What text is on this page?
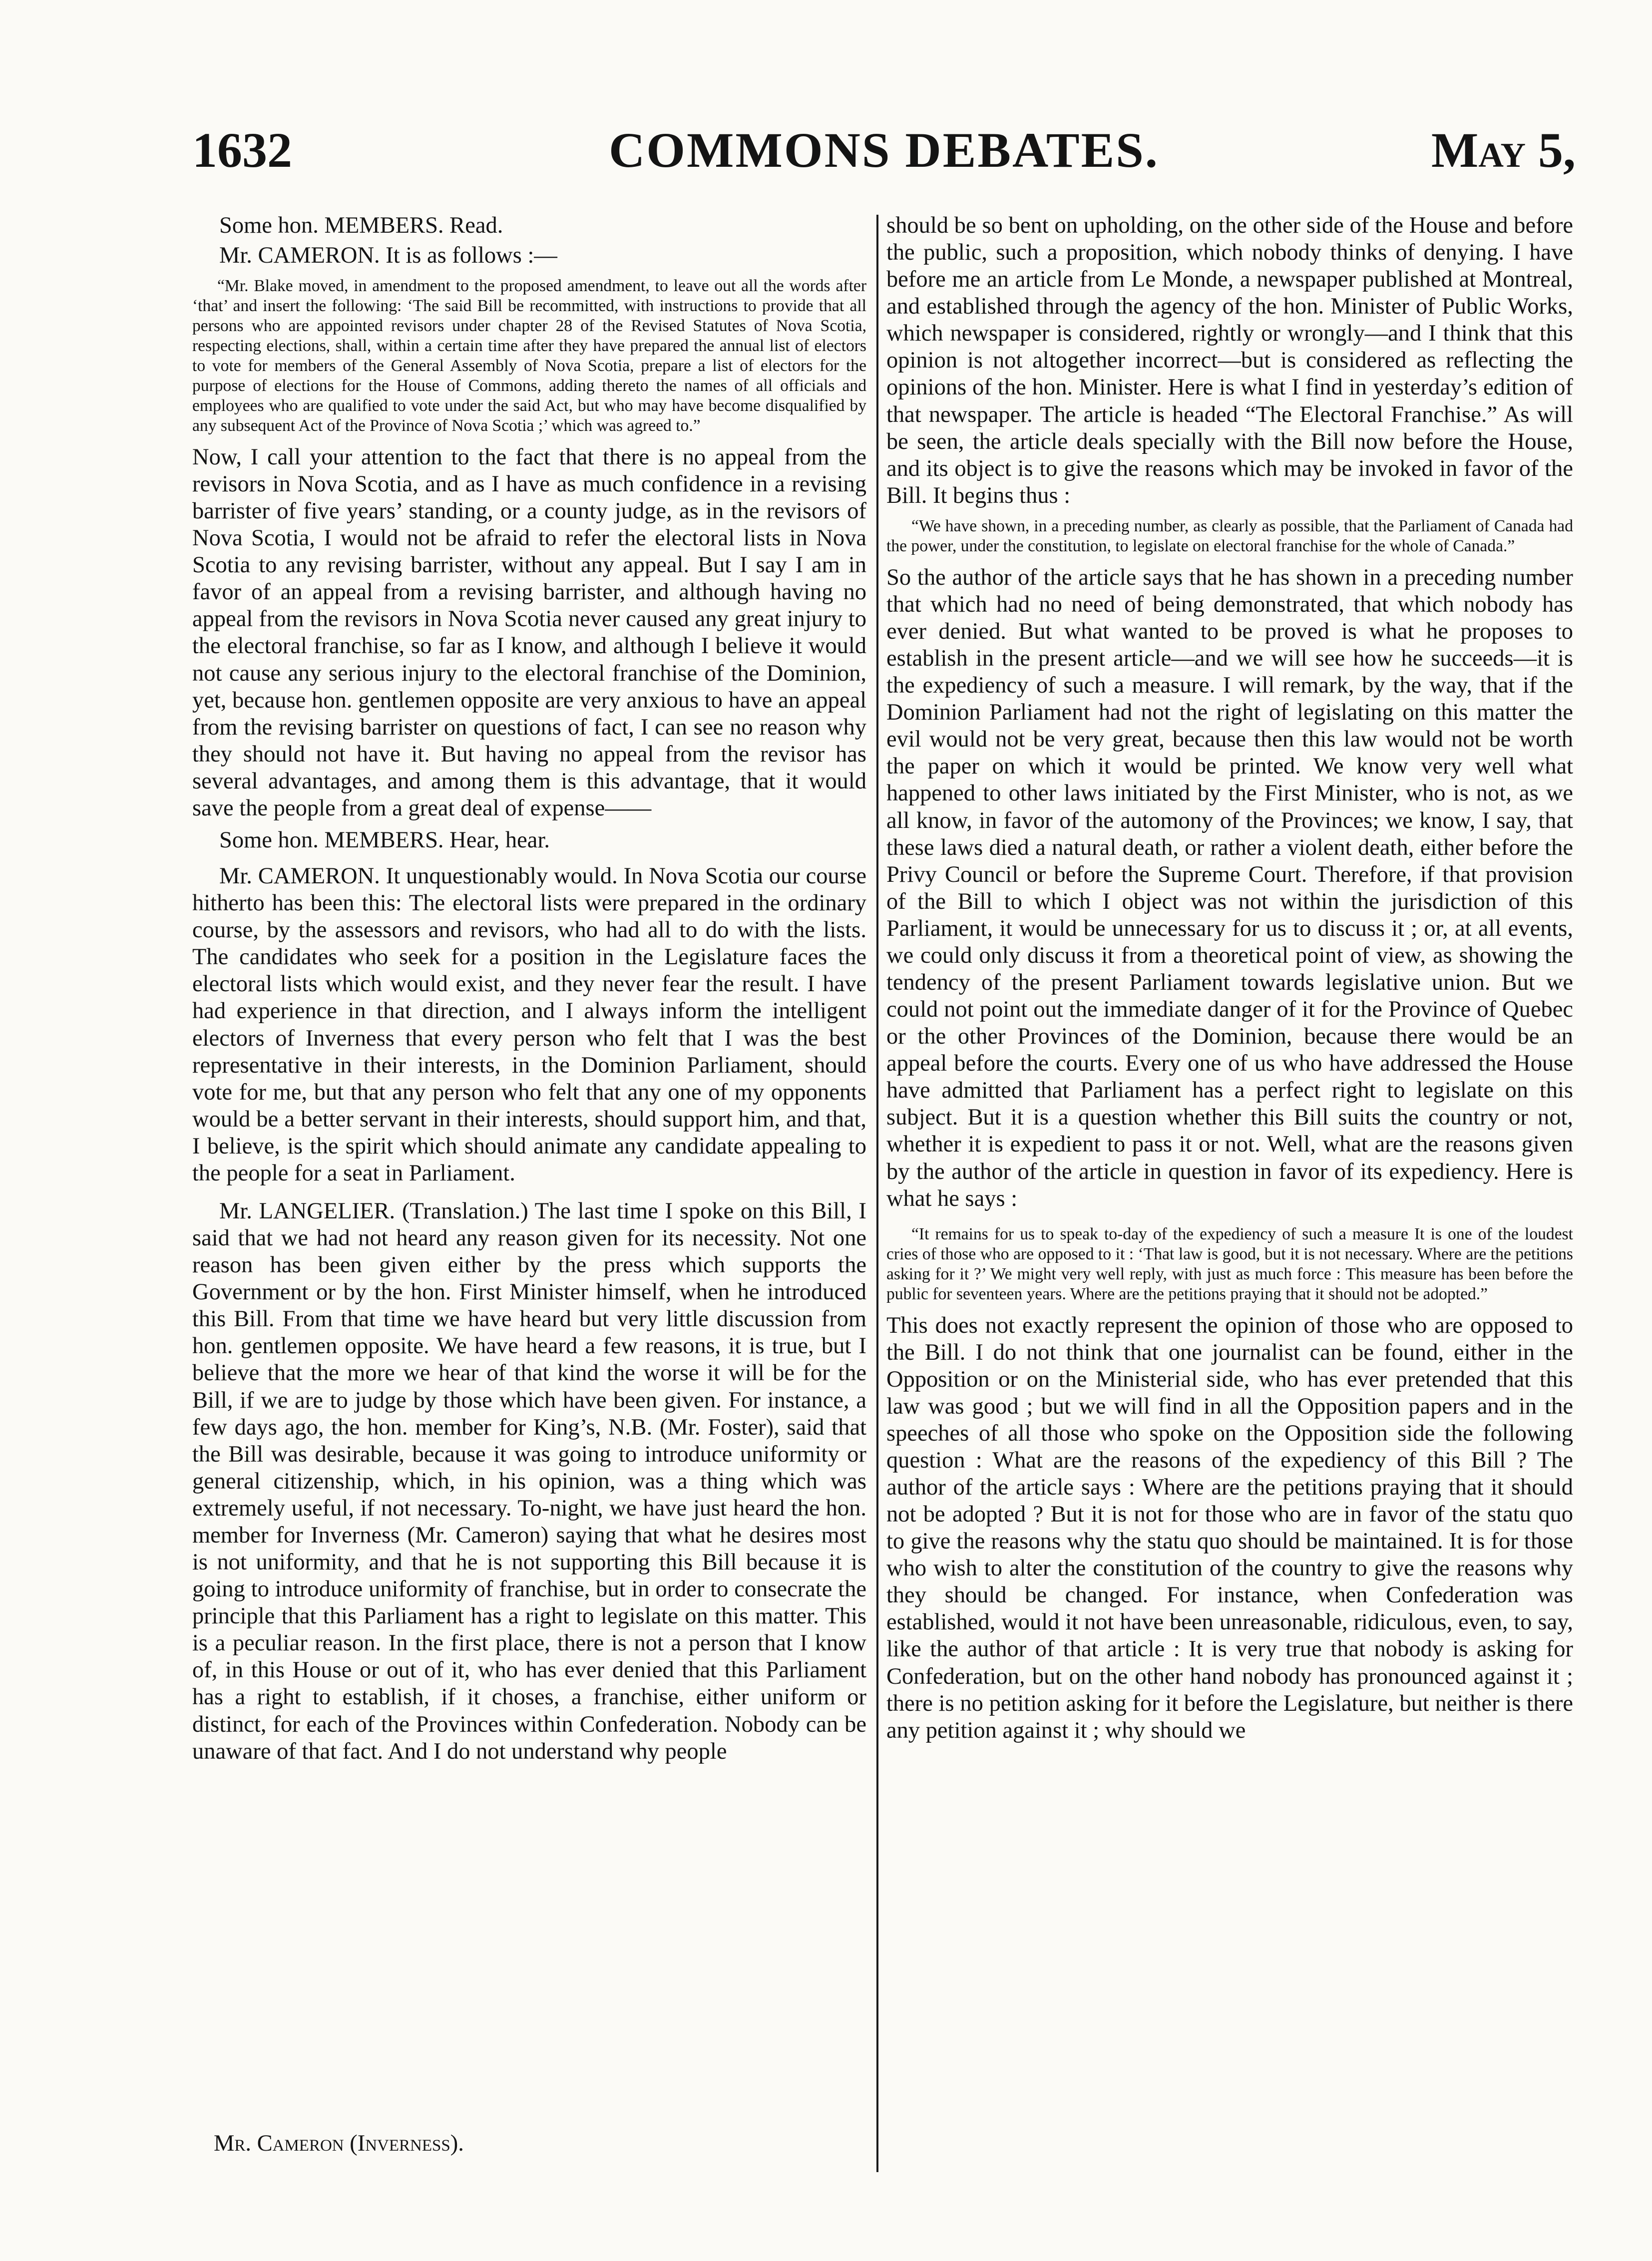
1632	COMMONS DEBATES.	May 5,

Some hon. MEMBERS. Read.

Mr. CAMERON. It is as follows :—

“Mr. Blake moved, in amendment to the proposed amendment, to leave out all the words after ‘that’ and insert the following: ‘The said Bill be recommitted, with instructions to provide that all persons who are appointed revisors under chapter 28 of the Revised Statutes of Nova Scotia, respecting elections, shall, within a certain time after they have prepared the annual list of electors to vote for members of the General Assembly of Nova Scotia, prepare a list of electors for the purpose of elections for the House of Commons, adding thereto the names of all officials and employees who are qualified to vote under the said Act, but who may have become disqualified by any subsequent Act of the Province of Nova Scotia ;’ which was agreed to.”

Now, I call your attention to the fact that there is no appeal from the revisors in Nova Scotia, and as I have as much confidence in a revising barrister of five years’ standing, or a county judge, as in the revisors of Nova Scotia, I would not be afraid to refer the electoral lists in Nova Scotia to any revising barrister, without any appeal. But I say I am in favor of an appeal from a revising barrister, and although having no appeal from the revisors in Nova Scotia never caused any great injury to the electoral franchise, so far as I know, and although I believe it would not cause any serious injury to the electoral franchise of the Dominion, yet, because hon. gentlemen opposite are very anxious to have an appeal from the revising barrister on questions of fact, I can see no reason why they should not have it. But having no appeal from the revisor has several advantages, and among them is this advantage, that it would save the people from a great deal of expense——

Some hon. MEMBERS. Hear, hear.

Mr. CAMERON. It unquestionably would. In Nova Scotia our course hitherto has been this: The electoral lists were prepared in the ordinary course, by the assessors and revisors, who had all to do with the lists. The candidates who seek for a position in the Legislature faces the electoral lists which would exist, and they never fear the result. I have had experience in that direction, and I always inform the intelligent electors of Inverness that every person who felt that I was the best representative in their interests, in the Dominion Parliament, should vote for me, but that any person who felt that any one of my opponents would be a better servant in their interests, should support him, and that, I believe, is the spirit which should animate any candidate appealing to the people for a seat in Parliament.

Mr. LANGELIER. (Translation.) The last time I spoke on this Bill, I said that we had not heard any reason given for its necessity. Not one reason has been given either by the press which supports the Government or by the hon. First Minister himself, when he introduced this Bill. From that time we have heard but very little discussion from hon. gentlemen opposite. We have heard a few reasons, it is true, but I believe that the more we hear of that kind the worse it will be for the Bill, if we are to judge by those which have been given. For instance, a few days ago, the hon. member for King’s, N.B. (Mr. Foster), said that the Bill was desirable, because it was going to introduce uniformity or general citizenship, which, in his opinion, was a thing which was extremely useful, if not necessary. To-night, we have just heard the hon. member for Inverness (Mr. Cameron) saying that what he desires most is not uniformity, and that he is not supporting this Bill because it is going to introduce uniformity of franchise, but in order to consecrate the principle that this Parliament has a right to legislate on this matter. This is a peculiar reason. In the first place, there is not a person that I know of, in this House or out of it, who has ever denied that this Parliament has a right to establish, if it choses, a franchise, either uniform or distinct, for each of the Provinces within Confederation. Nobody can be unaware of that fact. And I do not understand why people

should be so bent on upholding, on the other side of the House and before the public, such a proposition, which nobody thinks of denying. I have before me an article from Le Monde, a newspaper published at Montreal, and established through the agency of the hon. Minister of Public Works, which newspaper is considered, rightly or wrongly—and I think that this opinion is not altogether incorrect—but is considered as reflecting the opinions of the hon. Minister. Here is what I find in yesterday’s edition of that newspaper. The article is headed “The Electoral Franchise.” As will be seen, the article deals specially with the Bill now before the House, and its object is to give the reasons which may be invoked in favor of the Bill. It begins thus :

“We have shown, in a preceding number, as clearly as possible, that the Parliament of Canada had the power, under the constitution, to legislate on electoral franchise for the whole of Canada.”

So the author of the article says that he has shown in a preceding number that which had no need of being demonstrated, that which nobody has ever denied. But what wanted to be proved is what he proposes to establish in the present article—and we will see how he succeeds—it is the expediency of such a measure. I will remark, by the way, that if the Dominion Parliament had not the right of legislating on this matter the evil would not be very great, because then this law would not be worth the paper on which it would be printed. We know very well what happened to other laws initiated by the First Minister, who is not, as we all know, in favor of the automony of the Provinces; we know, I say, that these laws died a natural death, or rather a violent death, either before the Privy Council or before the Supreme Court. Therefore, if that provision of the Bill to which I object was not within the jurisdiction of this Parliament, it would be unnecessary for us to discuss it ; or, at all events, we could only discuss it from a theoretical point of view, as showing the tendency of the present Parliament towards legislative union. But we could not point out the immediate danger of it for the Province of Quebec or the other Provinces of the Dominion, because there would be an appeal before the courts. Every one of us who have addressed the House have admitted that Parliament has a perfect right to legislate on this subject. But it is a question whether this Bill suits the country or not, whether it is expedient to pass it or not. Well, what are the reasons given by the author of the article in question in favor of its expediency. Here is what he says :

“It remains for us to speak to-day of the expediency of such a measure It is one of the loudest cries of those who are opposed to it : ‘That law is good, but it is not necessary. Where are the petitions asking for it ?’ We might very well reply, with just as much force : This measure has been before the public for seventeen years. Where are the petitions praying that it should not be adopted.”

This does not exactly represent the opinion of those who are opposed to the Bill. I do not think that one journalist can be found, either in the Opposition or on the Ministerial side, who has ever pretended that this law was good ; but we will find in all the Opposition papers and in the speeches of all those who spoke on the Opposition side the following question : What are the reasons of the expediency of this Bill ? The author of the article says : Where are the petitions praying that it should not be adopted ? But it is not for those who are in favor of the statu quo to give the reasons why the statu quo should be maintained. It is for those who wish to alter the constitution of the country to give the reasons why they should be changed. For instance, when Confederation was established, would it not have been unreasonable, ridiculous, even, to say, like the author of that article : It is very true that nobody is asking for Confederation, but on the other hand nobody has pronounced against it ; there is no petition asking for it before the Legislature, but neither is there any petition against it ; why should we

Mr. Cameron (Inverness).
